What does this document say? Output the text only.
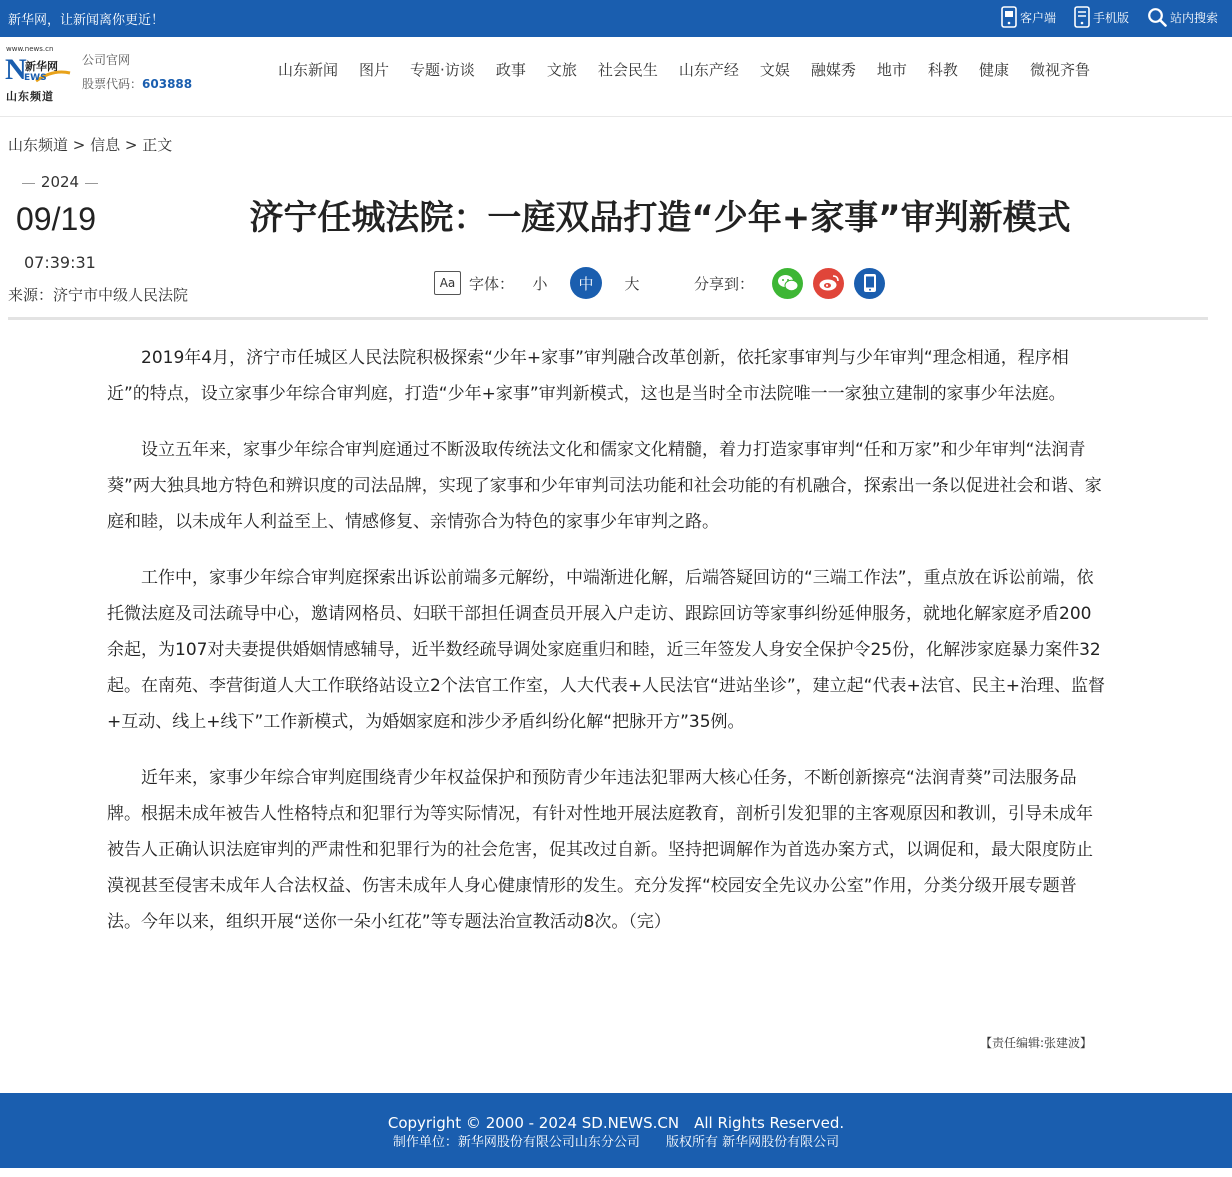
新华网，让新闻离你更近！	客户端	手机版	站内搜索
www.news.cn
N
新华网
EWS
山东频道
公司官网
股票代码：603888
山东新闻 图片 专题·访谈 政事 文旅 社会民生 山东产经 文娱 融媒秀 地市 科教 健康 微视齐鲁
山东频道 > 信息 > 正文
2024
09/19
07:39:31
来源：济宁市中级人民法院
济宁任城法院：一庭双品打造“少年+家事”审判新模式
Aa 字体：	小	中	大	分享到：

2019年4月，济宁市任城区人民法院积极探索“少年+家事”审判融合改革创新，依托家事审判与少年审判“理念相通，程序相近”的特点，设立家事少年综合审判庭，打造“少年+家事”审判新模式，这也是当时全市法院唯一一家独立建制的家事少年法庭。

设立五年来，家事少年综合审判庭通过不断汲取传统法文化和儒家文化精髓，着力打造家事审判“任和万家”和少年审判“法润青葵”两大独具地方特色和辨识度的司法品牌，实现了家事和少年审判司法功能和社会功能的有机融合，探索出一条以促进社会和谐、家庭和睦，以未成年人利益至上、情感修复、亲情弥合为特色的家事少年审判之路。

工作中，家事少年综合审判庭探索出诉讼前端多元解纷，中端渐进化解，后端答疑回访的“三端工作法”，重点放在诉讼前端，依托微法庭及司法疏导中心，邀请网格员、妇联干部担任调查员开展入户走访、跟踪回访等家事纠纷延伸服务，就地化解家庭矛盾200余起，为107对夫妻提供婚姻情感辅导，近半数经疏导调处家庭重归和睦，近三年签发人身安全保护令25份，化解涉家庭暴力案件32起。在南苑、李营街道人大工作联络站设立2个法官工作室，人大代表+人民法官“进站坐诊”，建立起“代表+法官、民主+治理、监督+互动、线上+线下”工作新模式，为婚姻家庭和涉少矛盾纠纷化解“把脉开方”35例。

近年来，家事少年综合审判庭围绕青少年权益保护和预防青少年违法犯罪两大核心任务，不断创新擦亮“法润青葵”司法服务品牌。根据未成年被告人性格特点和犯罪行为等实际情况，有针对性地开展法庭教育，剖析引发犯罪的主客观原因和教训，引导未成年被告人正确认识法庭审判的严肃性和犯罪行为的社会危害，促其改过自新。坚持把调解作为首选办案方式，以调促和，最大限度防止漠视甚至侵害未成年人合法权益、伤害未成年人身心健康情形的发生。充分发挥“校园安全先议办公室”作用，分类分级开展专题普法。今年以来，组织开展“送你一朵小红花”等专题法治宣教活动8次。（完）

【责任编辑:张建波】
Copyright © 2000 - 2024 SD.NEWS.CN　All Rights Reserved.
制作单位：新华网股份有限公司山东分公司 版权所有 新华网股份有限公司
